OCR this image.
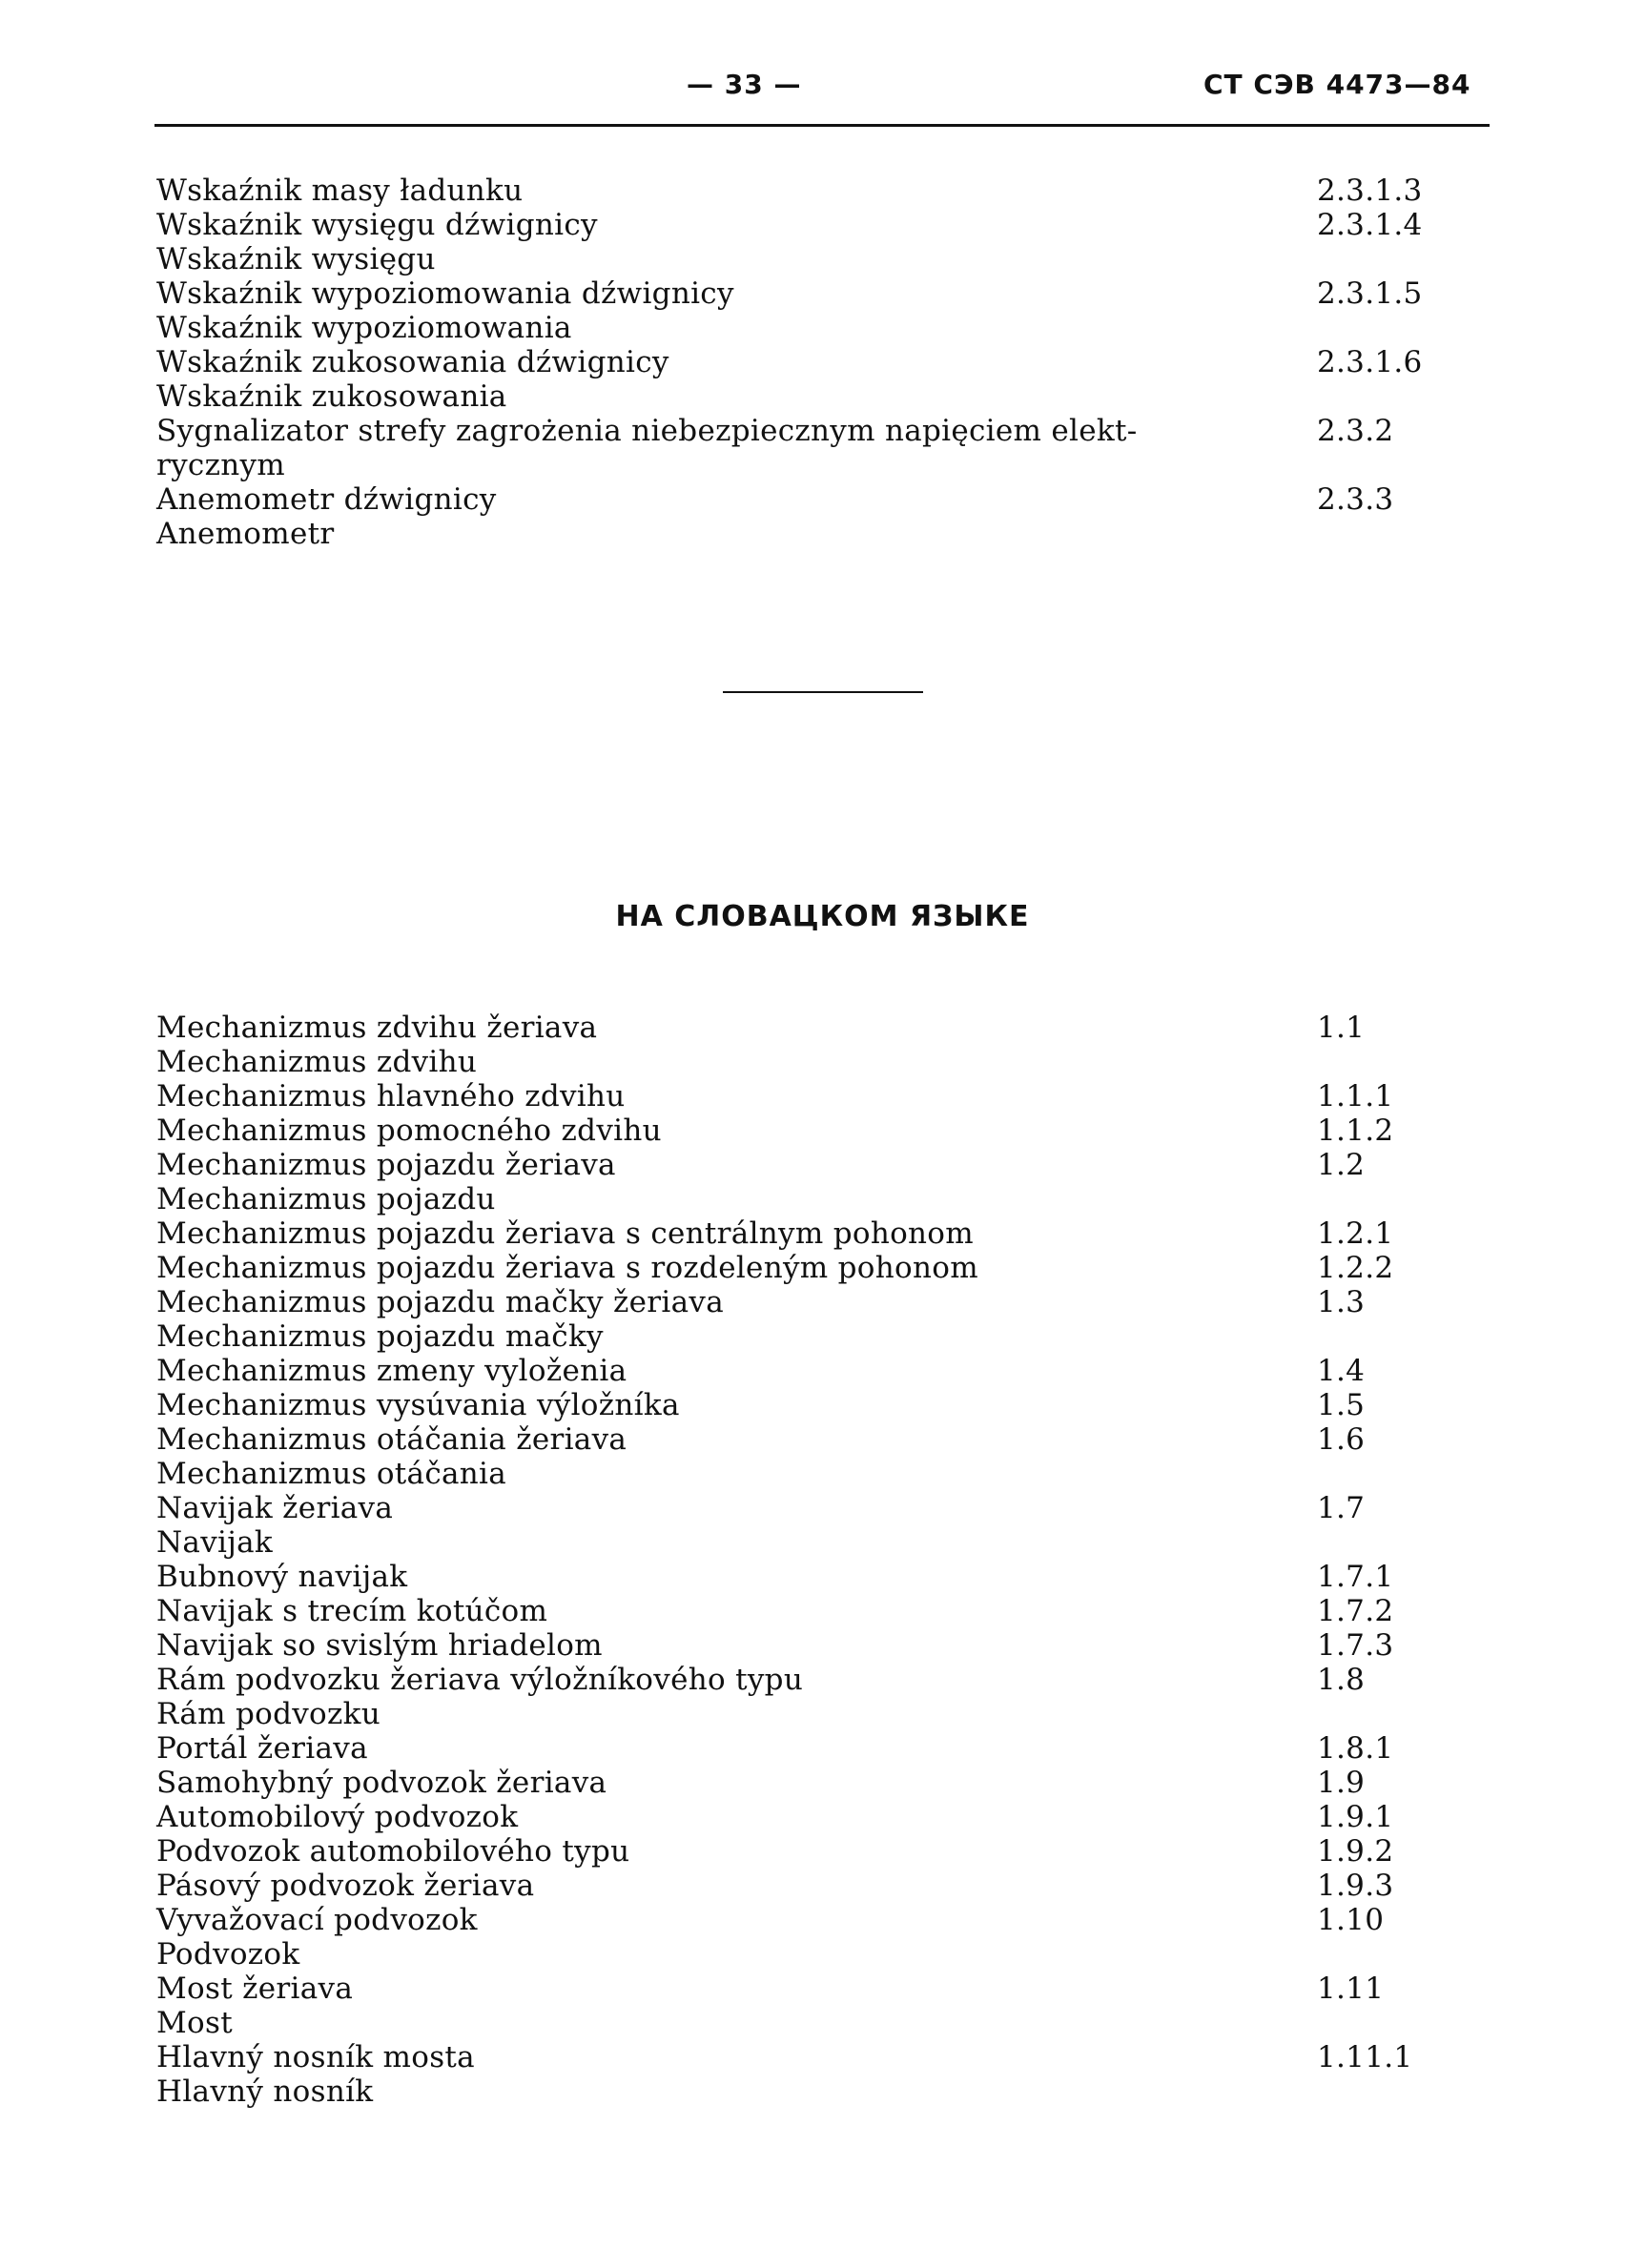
— 33 —	СТ СЭВ 4473—84
Wskaźnik masy ładunku	2.3.1.3
Wskaźnik wysięgu dźwignicy	2.3.1.4
Wskaźnik wysięgu
Wskaźnik wypoziomowania dźwignicy	2.3.1.5
Wskaźnik wypoziomowania
Wskaźnik zukosowania dźwignicy	2.3.1.6
Wskaźnik zukosowania
Sygnalizator strefy zagrożenia niebezpiecznym napięciem elekt-	2.3.2
rycznym
Anemometr dźwignicy	2.3.3
Anemometr
НА СЛОВАЦКОМ ЯЗЫКЕ
Mechanizmus zdvihu žeriava	1.1
Mechanizmus zdvihu
Mechanizmus hlavného zdvihu	1.1.1
Mechanizmus pomocného zdvihu	1.1.2
Mechanizmus pojazdu žeriava	1.2
Mechanizmus pojazdu
Mechanizmus pojazdu žeriava s centrálnym pohonom	1.2.1
Mechanizmus pojazdu žeriava s rozdeleným pohonom	1.2.2
Mechanizmus pojazdu mačky žeriava	1.3
Mechanizmus pojazdu mačky
Mechanizmus zmeny vyloženia	1.4
Mechanizmus vysúvania výložníka	1.5
Mechanizmus otáčania žeriava	1.6
Mechanizmus otáčania
Navijak žeriava	1.7
Navijak
Bubnový navijak	1.7.1
Navijak s trecím kotúčom	1.7.2
Navijak so svislým hriadelom	1.7.3
Rám podvozku žeriava výložníkového typu	1.8
Rám podvozku
Portál žeriava	1.8.1
Samohybný podvozok žeriava	1.9
Automobilový podvozok	1.9.1
Podvozok automobilového typu	1.9.2
Pásový podvozok žeriava	1.9.3
Vyvažovací podvozok	1.10
Podvozok
Most žeriava	1.11
Most
Hlavný nosník mosta	1.11.1
Hlavný nosník
